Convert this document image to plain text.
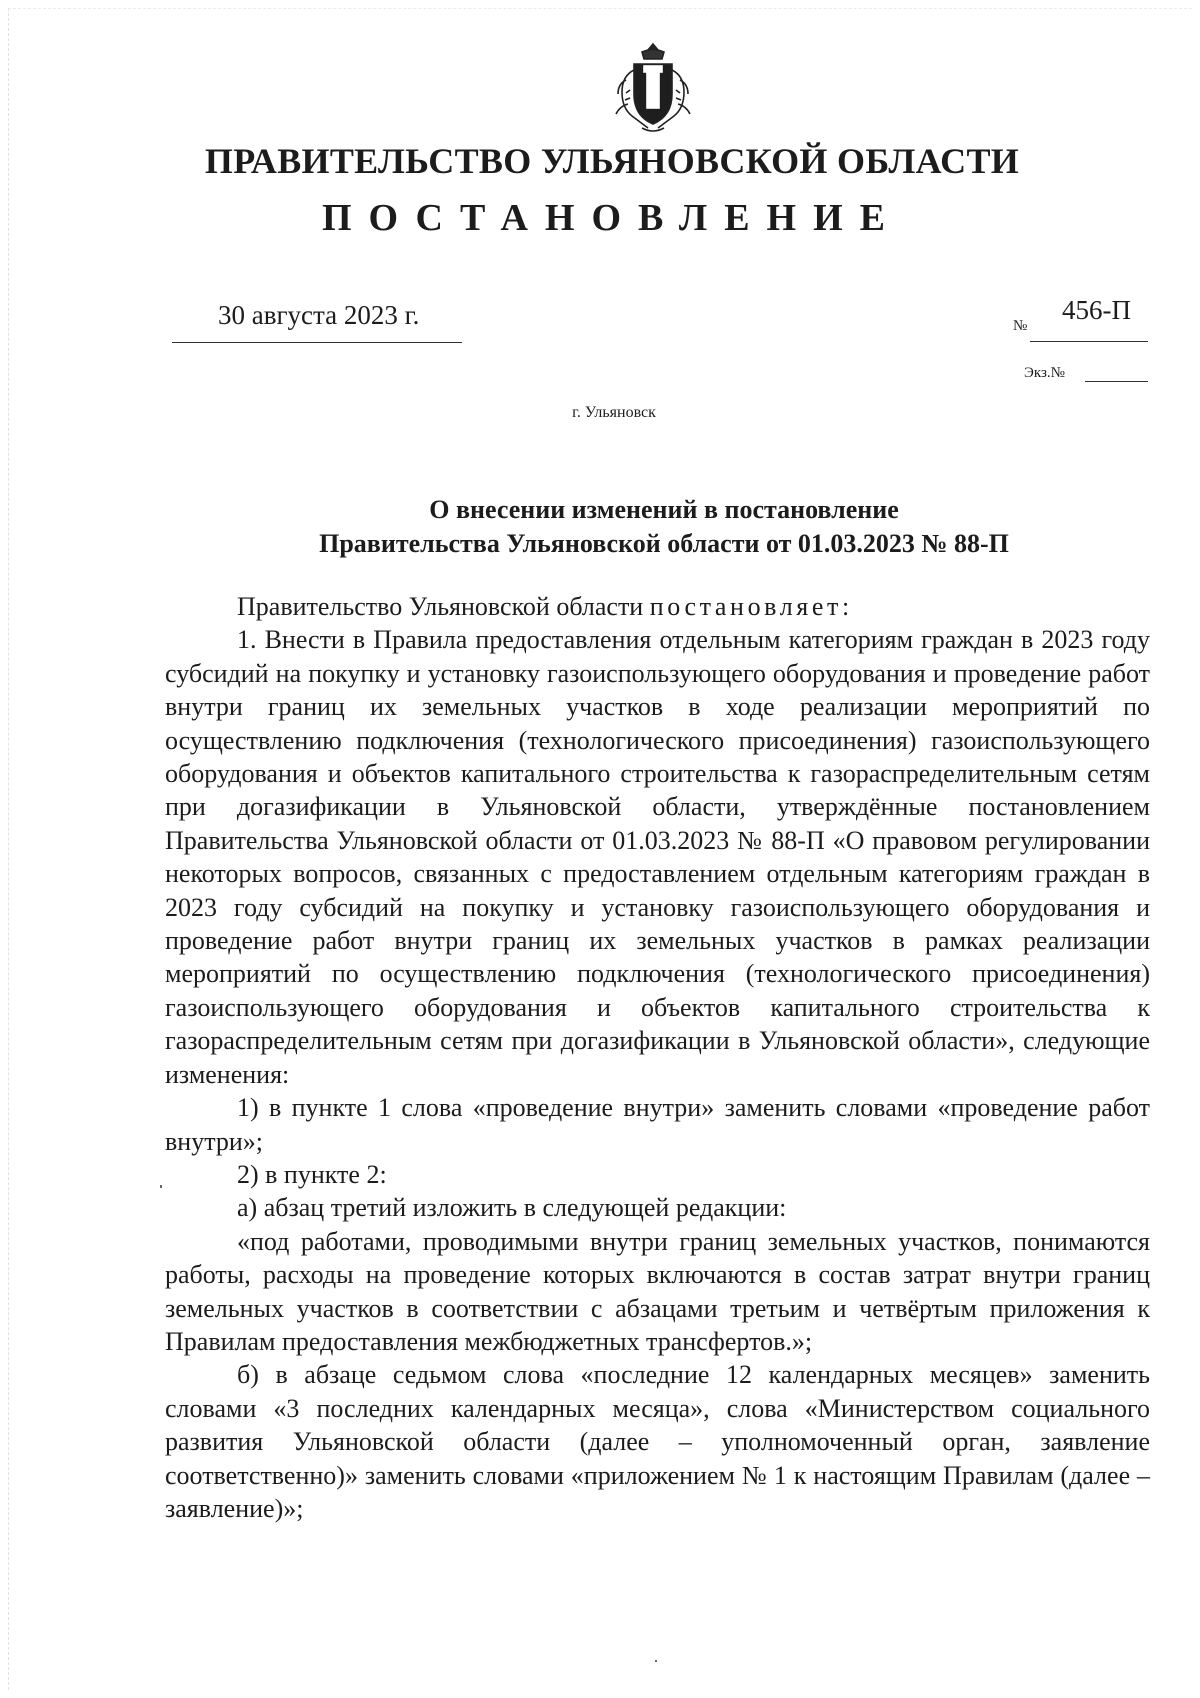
ПРАВИТЕЛЬСТВО УЛЬЯНОВСКОЙ ОБЛАСТИ
ПОСТАНОВЛЕНИЕ
30 августа 2023 г.	№
456-П
Экз.№
г. Ульяновск
О внесении изменений в постановление
Правительства Ульяновской области от 01.03.2023 № 88-П

Правительство Ульяновской области постановляет:

1. Внести в Правила предоставления отдельным категориям граждан в 2023 году субсидий на покупку и установку газоиспользующего оборудования и проведение работ внутри границ их земельных участков в ходе реализации мероприятий по осуществлению подключения (технологического присоединения) газоиспользующего оборудования и объектов капитального строительства к газораспределительным сетям при догазификации в Ульяновской области, утверждённые постановлением Правительства Ульяновской области от 01.03.2023 № 88-П «О правовом регулировании некоторых вопросов, связанных с предоставлением отдельным категориям граждан в 2023 году субсидий на покупку и установку газоиспользующего оборудования и проведение работ внутри границ их земельных участков в рамках реализации мероприятий по осуществлению подключения (технологического присоединения) газоиспользующего оборудования и объектов капитального строительства к газораспределительным сетям при догазификации в Ульяновской области», следующие изменения:

1) в пункте 1 слова «проведение внутри» заменить словами «проведение работ внутри»;

2) в пункте 2:

а) абзац третий изложить в следующей редакции:

«под работами, проводимыми внутри границ земельных участков, понимаются работы, расходы на проведение которых включаются в состав затрат внутри границ земельных участков в соответствии с абзацами третьим и четвёртым приложения к Правилам предоставления межбюджетных трансфертов.»;

б) в абзаце седьмом слова «последние 12 календарных месяцев» заменить словами «3 последних календарных месяца», слова «Министерством социального развития Ульяновской области (далее – уполномоченный орган, заявление соответственно)» заменить словами «приложением № 1 к настоящим Правилам (далее – заявление)»;
